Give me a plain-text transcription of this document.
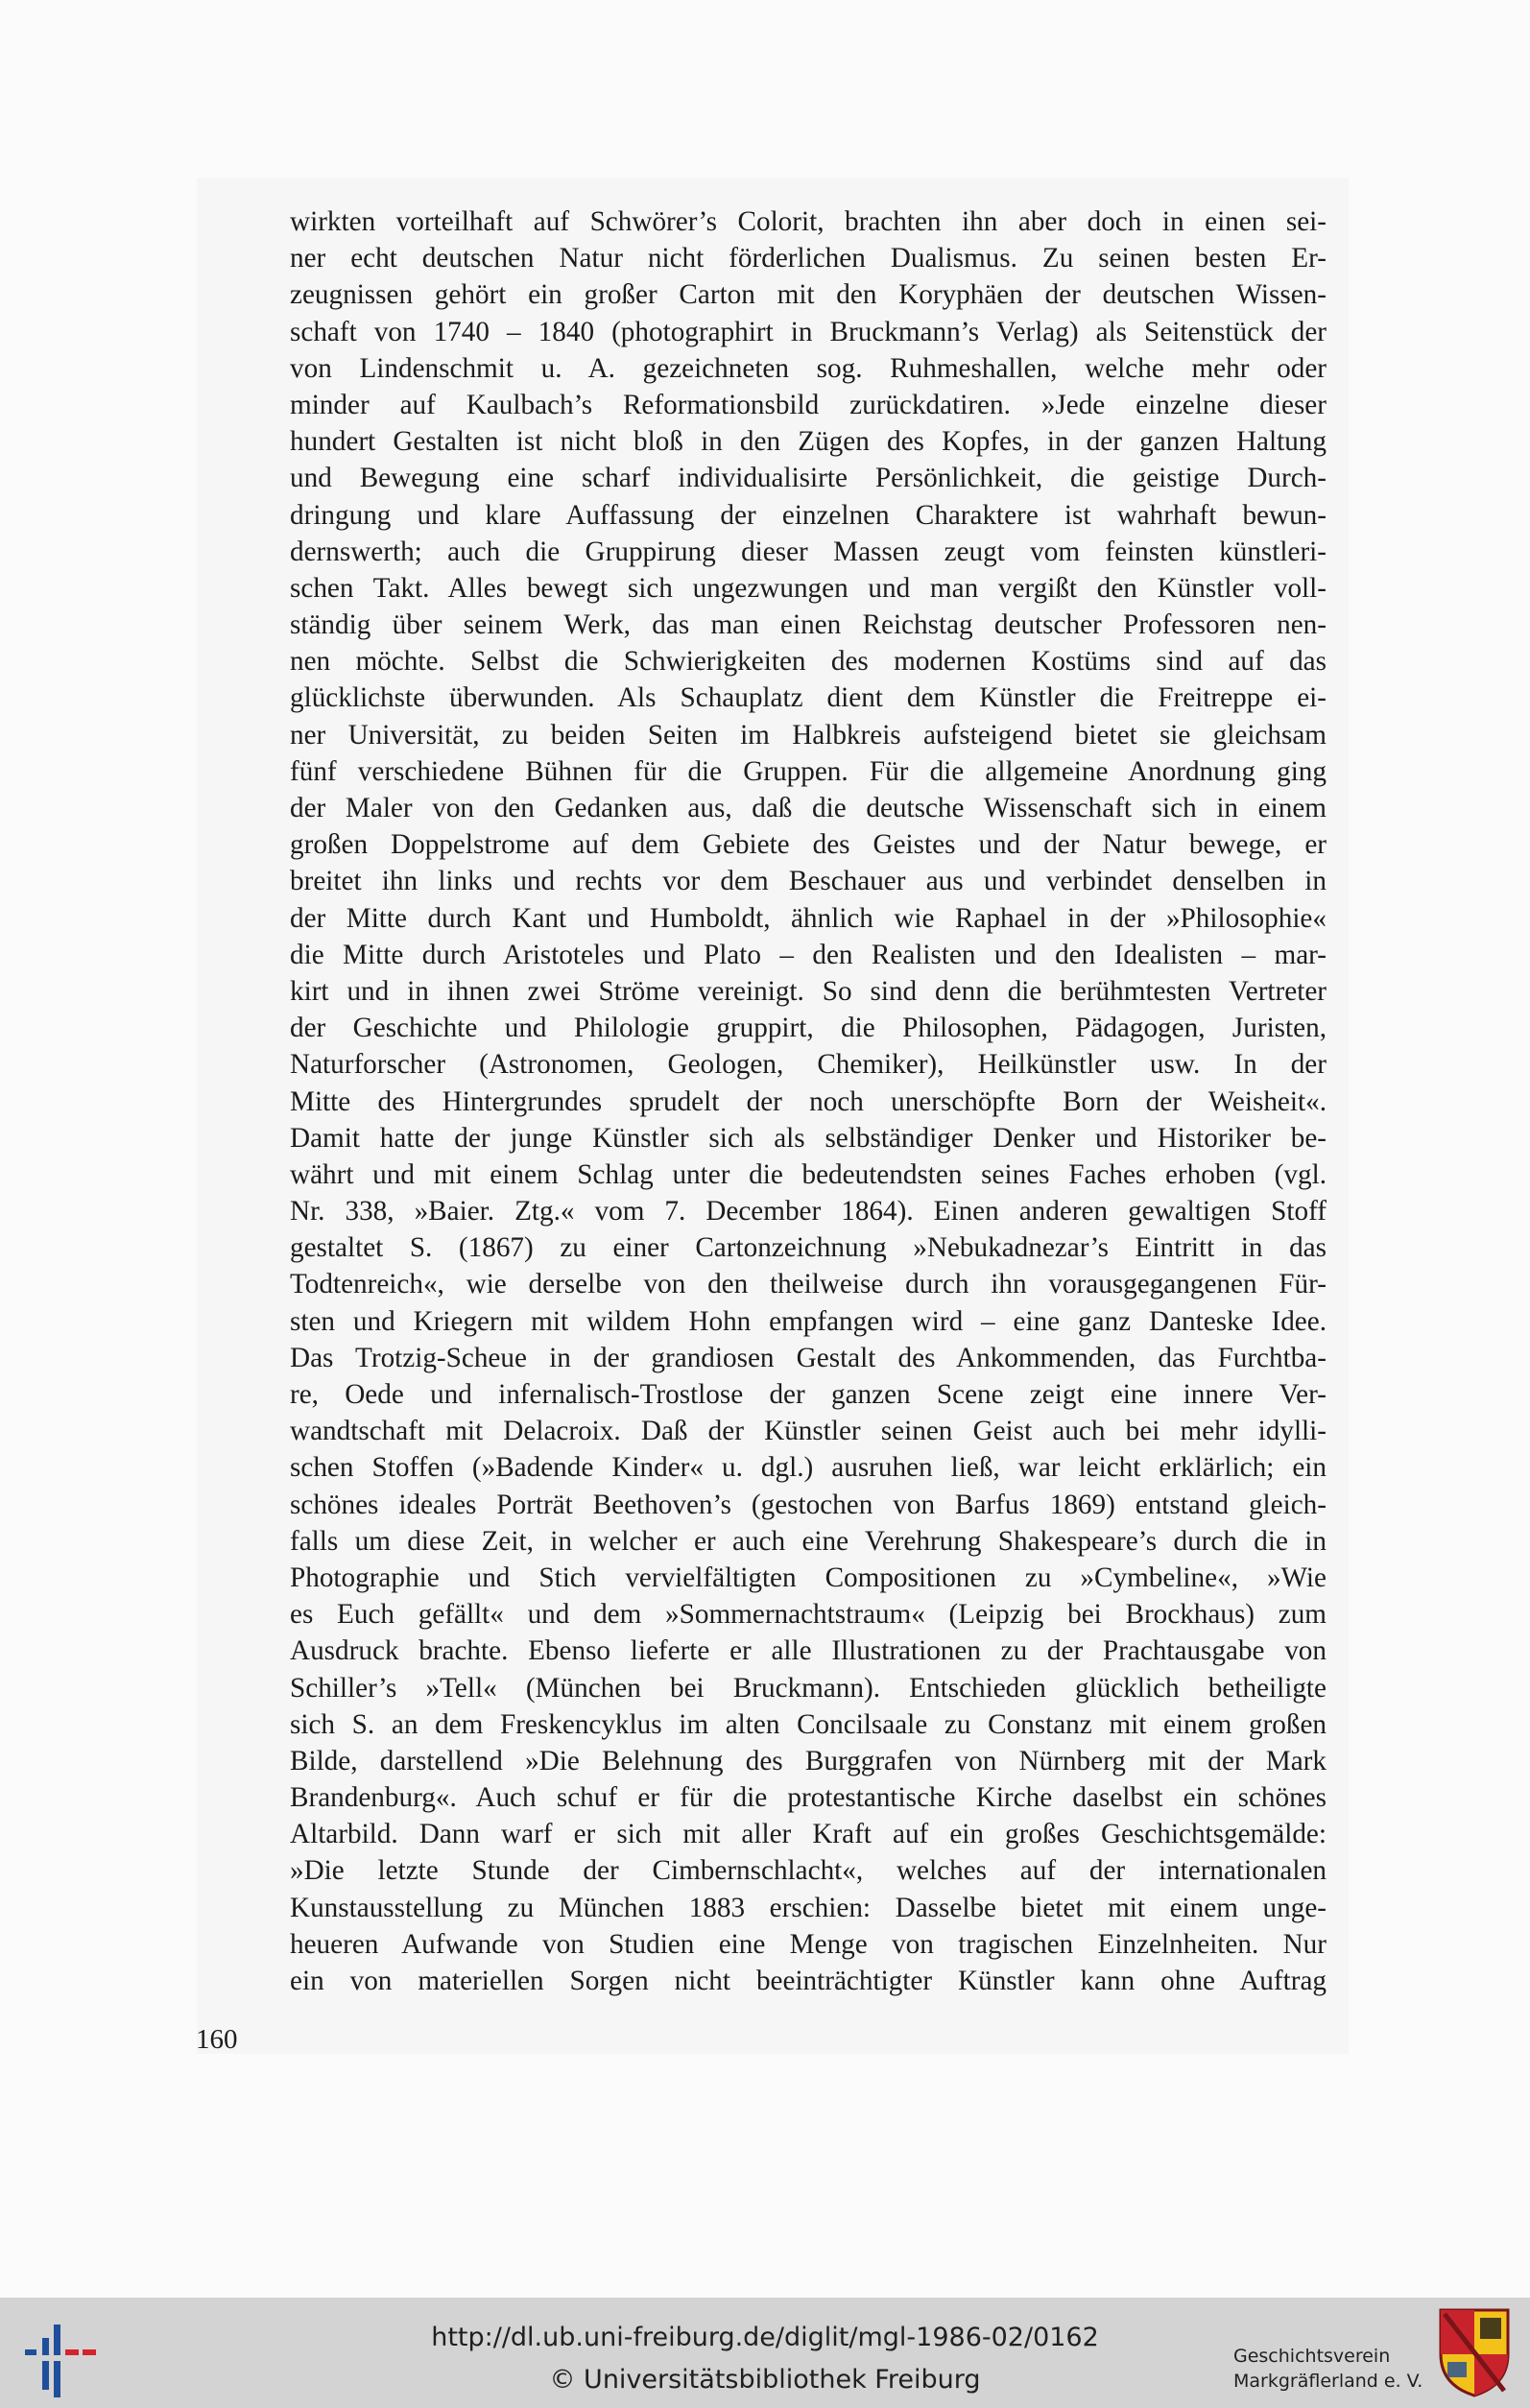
wirkten vorteilhaft auf Schwörer’s Colorit, brachten ihn aber doch in einen sei-
ner echt deutschen Natur nicht förderlichen Dualismus. Zu seinen besten Er-
zeugnissen gehört ein großer Carton mit den Koryphäen der deutschen Wissen-
schaft von 1740 – 1840 (photographirt in Bruckmann’s Verlag) als Seitenstück der
von Lindenschmit u. A. gezeichneten sog. Ruhmeshallen, welche mehr oder
minder auf Kaulbach’s Reformationsbild zurückdatiren. »Jede einzelne dieser
hundert Gestalten ist nicht bloß in den Zügen des Kopfes, in der ganzen Haltung
und Bewegung eine scharf individualisirte Persönlichkeit, die geistige Durch-
dringung und klare Auffassung der einzelnen Charaktere ist wahrhaft bewun-
dernswerth; auch die Gruppirung dieser Massen zeugt vom feinsten künstleri-
schen Takt. Alles bewegt sich ungezwungen und man vergißt den Künstler voll-
ständig über seinem Werk, das man einen Reichstag deutscher Professoren nen-
nen möchte. Selbst die Schwierigkeiten des modernen Kostüms sind auf das
glücklichste überwunden. Als Schauplatz dient dem Künstler die Freitreppe ei-
ner Universität, zu beiden Seiten im Halbkreis aufsteigend bietet sie gleichsam
fünf verschiedene Bühnen für die Gruppen. Für die allgemeine Anordnung ging
der Maler von den Gedanken aus, daß die deutsche Wissenschaft sich in einem
großen Doppelstrome auf dem Gebiete des Geistes und der Natur bewege, er
breitet ihn links und rechts vor dem Beschauer aus und verbindet denselben in
der Mitte durch Kant und Humboldt, ähnlich wie Raphael in der »Philosophie«
die Mitte durch Aristoteles und Plato – den Realisten und den Idealisten – mar-
kirt und in ihnen zwei Ströme vereinigt. So sind denn die berühmtesten Vertreter
der Geschichte und Philologie gruppirt, die Philosophen, Pädagogen, Juristen,
Naturforscher (Astronomen, Geologen, Chemiker), Heilkünstler usw. In der
Mitte des Hintergrundes sprudelt der noch unerschöpfte Born der Weisheit«.
Damit hatte der junge Künstler sich als selbständiger Denker und Historiker be-
währt und mit einem Schlag unter die bedeutendsten seines Faches erhoben (vgl.
Nr. 338, »Baier. Ztg.« vom 7. December 1864). Einen anderen gewaltigen Stoff
gestaltet S. (1867) zu einer Cartonzeichnung »Nebukadnezar’s Eintritt in das
Todtenreich«, wie derselbe von den theilweise durch ihn vorausgegangenen Für-
sten und Kriegern mit wildem Hohn empfangen wird – eine ganz Danteske Idee.
Das Trotzig-Scheue in der grandiosen Gestalt des Ankommenden, das Furchtba-
re, Oede und infernalisch-Trostlose der ganzen Scene zeigt eine innere Ver-
wandtschaft mit Delacroix. Daß der Künstler seinen Geist auch bei mehr idylli-
schen Stoffen (»Badende Kinder« u. dgl.) ausruhen ließ, war leicht erklärlich; ein
schönes ideales Porträt Beethoven’s (gestochen von Barfus 1869) entstand gleich-
falls um diese Zeit, in welcher er auch eine Verehrung Shakespeare’s durch die in
Photographie und Stich vervielfältigten Compositionen zu »Cymbeline«, »Wie
es Euch gefällt« und dem »Sommernachtstraum« (Leipzig bei Brockhaus) zum
Ausdruck brachte. Ebenso lieferte er alle Illustrationen zu der Prachtausgabe von
Schiller’s »Tell« (München bei Bruckmann). Entschieden glücklich betheiligte
sich S. an dem Freskencyklus im alten Concilsaale zu Constanz mit einem großen
Bilde, darstellend »Die Belehnung des Burggrafen von Nürnberg mit der Mark
Brandenburg«. Auch schuf er für die protestantische Kirche daselbst ein schönes
Altarbild. Dann warf er sich mit aller Kraft auf ein großes Geschichtsgemälde:
»Die letzte Stunde der Cimbernschlacht«, welches auf der internationalen
Kunstausstellung zu München 1883 erschien: Dasselbe bietet mit einem unge-
heueren Aufwande von Studien eine Menge von tragischen Einzelnheiten. Nur
ein von materiellen Sorgen nicht beeinträchtigter Künstler kann ohne Auftrag
160
http://dl.ub.uni-freiburg.de/diglit/mgl-1986-02/0162
© Universitätsbibliothek Freiburg
Geschichtsverein
Markgräflerland e. V.
